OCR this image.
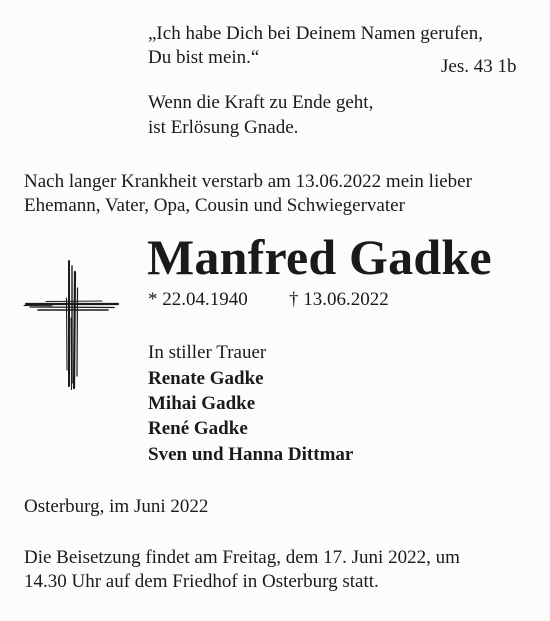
„Ich habe Dich bei Deinem Namen gerufen,
Du bist mein.“	Jes. 43 1b
Wenn die Kraft zu Ende geht,
ist Erlösung Gnade.
Nach langer Krankheit verstarb am 13.06.2022 mein lieber
Ehemann, Vater, Opa, Cousin und Schwiegervater
Manfred Gadke
* 22.04.1940 † 13.06.2022
In stiller Trauer
Renate Gadke
Mihai Gadke
René Gadke
Sven und Hanna Dittmar
Osterburg, im Juni 2022
Die Beisetzung findet am Freitag, dem 17. Juni 2022, um
14.30 Uhr auf dem Friedhof in Osterburg statt.
